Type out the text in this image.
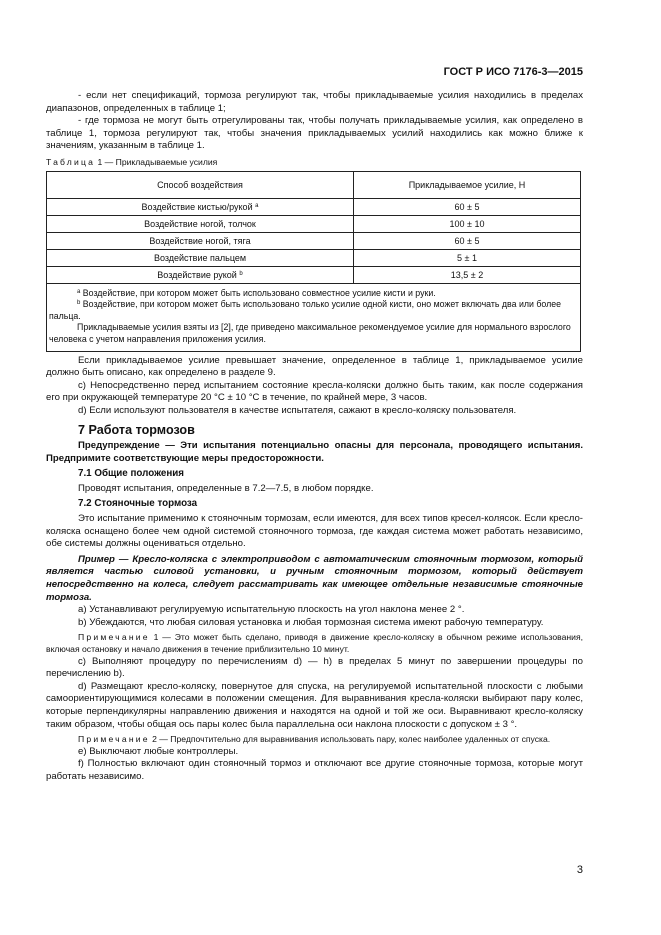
ГОСТ Р ИСО 7176-3—2015

- если нет спецификаций, тормоза регулируют так, чтобы прикладываемые усилия находились в пределах диапазонов, определенных в таблице 1;

- где тормоза не могут быть отрегулированы так, чтобы получать прикладываемые усилия, как определено в таблице 1, тормоза регулируют так, чтобы значения прикладываемых усилий находились как можно ближе к значениям, указанным в таблице 1.

Таблица 1 — Прикладываемые усилия
Способ воздействия	Прикладываемое усилие, Н
Воздействие кистью/рукой $^а$	60 ± 5
Воздействие ногой, толчок	100 ± 10
Воздействие ногой, тяга	60 ± 5
Воздействие пальцем	5 ± 1
Воздействие рукой $^b$	13,5 ± 2

$^а$ Воздействие, при котором может быть использовано совместное усилие кисти и руки.
$^b$ Воздействие, при котором может быть использовано только усилие одной кисти, оно может включать два или более пальца.
Прикладываемые усилия взяты из [2], где приведено максимальное рекомендуемое усилие для нормального взрослого человека с учетом направления приложения усилия.	

Если прикладываемое усилие превышает значение, определенное в таблице 1, прикладываемое усилие должно быть описано, как определено в разделе 9.

c) Непосредственно перед испытанием состояние кресла-коляски должно быть таким, как после содержания его при окружающей температуре 20 °С ± 10 °С в течение, по крайней мере, 3 часов.

d) Если используют пользователя в качестве испытателя, сажают в кресло-коляску пользователя.

7 Работа тормозов

Предупреждение — Эти испытания потенциально опасны для персонала, проводящего испытания. Предпримите соответствующие меры предосторожности.

7.1 Общие положения

Проводят испытания, определенные в 7.2—7.5, в любом порядке.

7.2 Стояночные тормоза

Это испытание применимо к стояночным тормозам, если имеются, для всех типов кресел-колясок. Если кресло-коляска оснащено более чем одной системой стояночного тормоза, где каждая система может работать независимо, обе системы должны оцениваться отдельно.

Пример — Кресло-коляска с электроприводом с автоматическим стояночным тормозом, который является частью силовой установки, и ручным стояночным тормозом, который действует непосредственно на колеса, следует рассматривать как имеющее отдельные независимые стояночные тормоза.

a) Устанавливают регулируемую испытательную плоскость на угол наклона менее 2 °.

b) Убеждаются, что любая силовая установка и любая тормозная система имеют рабочую температуру.

Примечание 1 — Это может быть сделано, приводя в движение кресло-коляску в обычном режиме использования, включая остановку и начало движения в течение приблизительно 10 минут.

c) Выполняют процедуру по перечислениям d) — h) в пределах 5 минут по завершении процедуры по перечислению b).

d) Размещают кресло-коляску, повернутое для спуска, на регулируемой испытательной плоскости с любыми самоориентирующимися колесами в положении смещения. Для выравнивания кресла-коляски выбирают пару колес, которые перпендикулярны направлению движения и находятся на одной и той же оси. Выравнивают кресло-коляску таким образом, чтобы общая ось пары колес была параллельна оси наклона плоскости с допуском ± 3 °.

Примечание 2 — Предпочтительно для выравнивания использовать пару, колес наиболее удаленных от спуска.

e) Выключают любые контроллеры.

f) Полностью включают один стояночный тормоз и отключают все другие стояночные тормоза, которые могут работать независимо.

3
